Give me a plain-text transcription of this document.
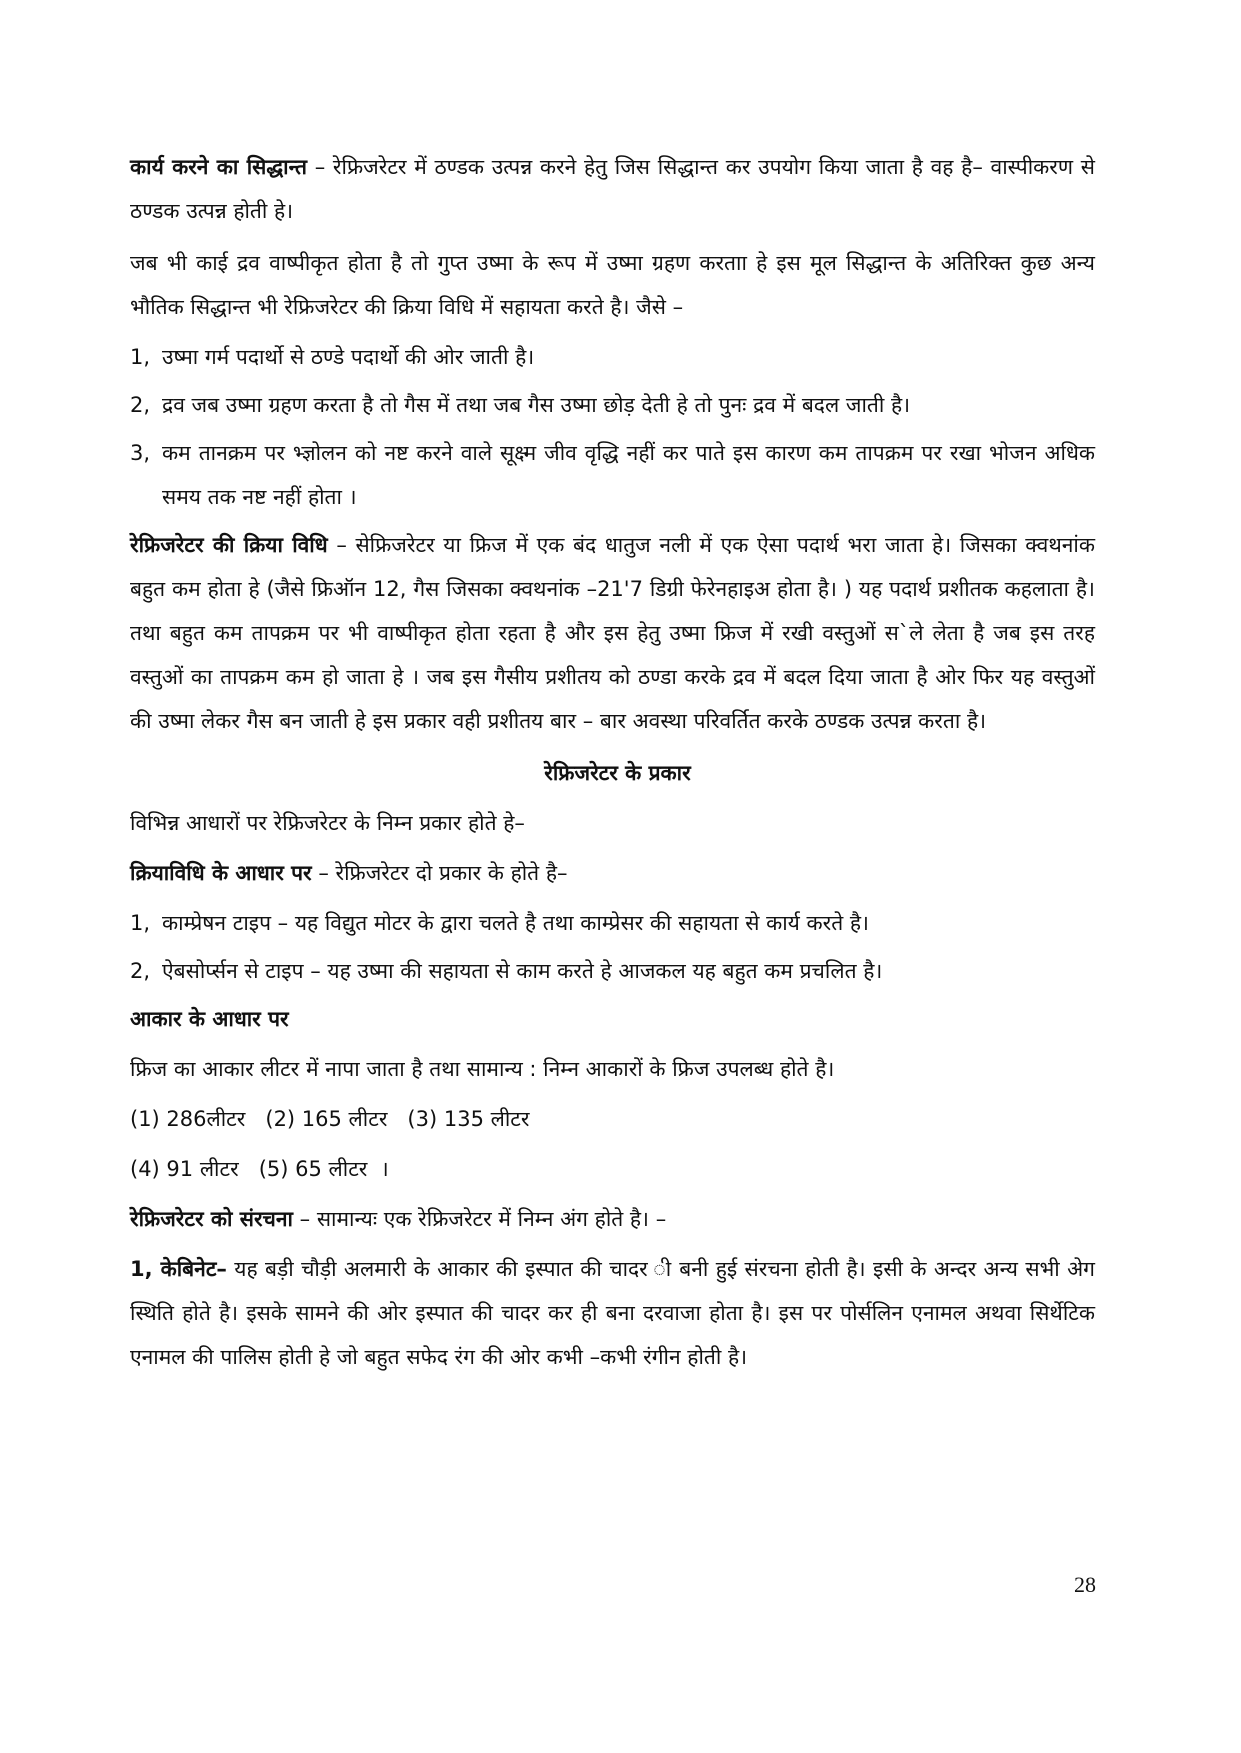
कार्य करने का सिद्धान्त – रेफ्रिजरेटर में ठण्डक उत्पन्न करने हेतु जिस सिद्धान्त कर उपयोग किया जाता है वह है– वास्पीकरण से ठण्डक उत्पन्न होती हे।

जब भी काई द्रव वाष्पीकृत होता है तो गुप्त उष्मा के रूप में उष्मा ग्रहण करताा हे इस मूल सिद्धान्त के अतिरिक्त कुछ अन्य भौतिक सिद्धान्त भी रेफ्रिजरेटर की क्रिया विधि में सहायता करते है। जैसे –

1, उष्मा गर्म पदार्थो से ठण्डे पदार्थो की ओर जाती है।
2, द्रव जब उष्मा ग्रहण करता है तो गैस में तथा जब गैस उष्मा छोड़ देती हे तो पुनः द्रव में बदल जाती है।
3, कम तानक्रम पर भ्ज्ञोलन को नष्ट करने वाले सूक्ष्म जीव वृद्धि नहीं कर पाते इस कारण कम तापक्रम पर रखा भोजन अधिक समय तक नष्ट नहीं होता ।

रेफ्रिजरेटर की क्रिया विधि – सेफ्रिजरेटर या फ्रिज में एक बंद धातुज नली में एक ऐसा पदार्थ भरा जाता हे। जिसका क्वथनांक बहुत कम होता हे (जैसे फ्रिऑन 12, गैस जिसका क्वथनांक –21'7 डिग्री फेरेनहाइअ होता है। ) यह पदार्थ प्रशीतक कहलाता है। तथा बहुत कम तापक्रम पर भी वाष्पीकृत होता रहता है और इस हेतु उष्मा फ्रिज में रखी वस्तुओं स`ले लेता है जब इस तरह वस्तुओं का तापक्रम कम हो जाता हे । जब इस गैसीय प्रशीतय को ठण्डा करके द्रव में बदल दिया जाता है ओर फिर यह वस्तुओं की उष्मा लेकर गैस बन जाती हे इस प्रकार वही प्रशीतय बार – बार अवस्था परिवर्तित करके ठण्डक उत्पन्न करता है।

रेफ्रिजरेटर के प्रकार

विभिन्न आधारों पर रेफ्रिजरेटर के निम्न प्रकार होते हे–

क्रियाविधि के आधार पर – रेफ्रिजरेटर दो प्रकार के होते है–

1, काम्प्रेषन टाइप – यह विद्युत मोटर के द्वारा चलते है तथा काम्प्रेसर की सहायता से कार्य करते है।
2, ऐबसोर्प्सन से टाइप – यह उष्मा की सहायता से काम करते हे आजकल यह बहुत कम प्रचलित है।
आकार के आधार पर

फ्रिज का आकार लीटर में नापा जाता है तथा सामान्य : निम्न आकारों के फ्रिज उपलब्ध होते है।

(1) 286लीटर   (2) 165 लीटर   (3) 135 लीटर

(4) 91 लीटर   (5) 65 लीटर  ।

रेफ्रिजरेटर को संरचना – सामान्यः एक रेफ्रिजरेटर में निम्न अंग होते है। –

1, केबिनेट– यह बड़ी चौड़ी अलमारी के आकार की इस्पात की चादर ी बनी हुई संरचना होती है। इसी के अन्दर अन्य सभी अेग स्थिति होते है। इसके सामने की ओर इस्पात की चादर कर ही बना दरवाजा होता है। इस पर पोर्सलिन एनामल अथवा सिर्थेटिक एनामल की पालिस होती हे जो बहुत सफेद रंग की ओर कभी –कभी रंगीन होती है।

28
